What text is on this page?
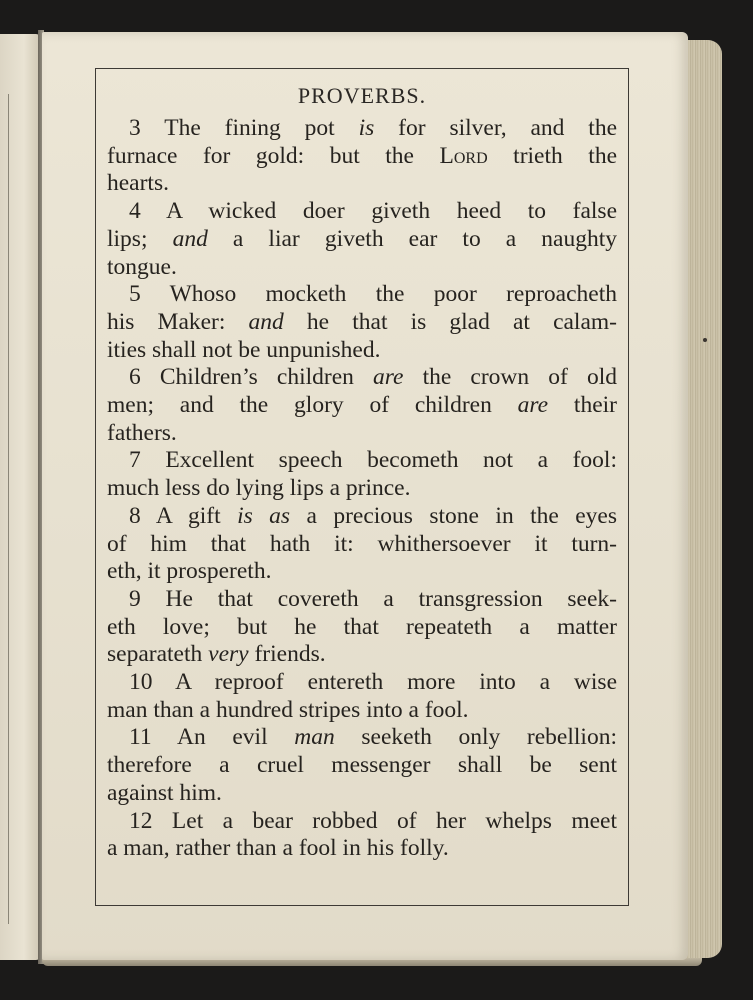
PROVERBS.
3 The fining pot is for silver, and the
furnace for gold: but the Lord trieth the
hearts.
4 A wicked doer giveth heed to false
lips; and a liar giveth ear to a naughty
tongue.
5 Whoso mocketh the poor reproacheth
his Maker: and he that is glad at calam-
ities shall not be unpunished.
6 Children’s children are the crown of old
men; and the glory of children are their
fathers.
7 Excellent speech becometh not a fool:
much less do lying lips a prince.
8 A gift is as a precious stone in the eyes
of him that hath it: whithersoever it turn-
eth, it prospereth.
9 He that covereth a transgression seek-
eth love; but he that repeateth a matter
separateth very friends.
10 A reproof entereth more into a wise
man than a hundred stripes into a fool.
11 An evil man seeketh only rebellion:
therefore a cruel messenger shall be sent
against him.
12 Let a bear robbed of her whelps meet
a man, rather than a fool in his folly.
